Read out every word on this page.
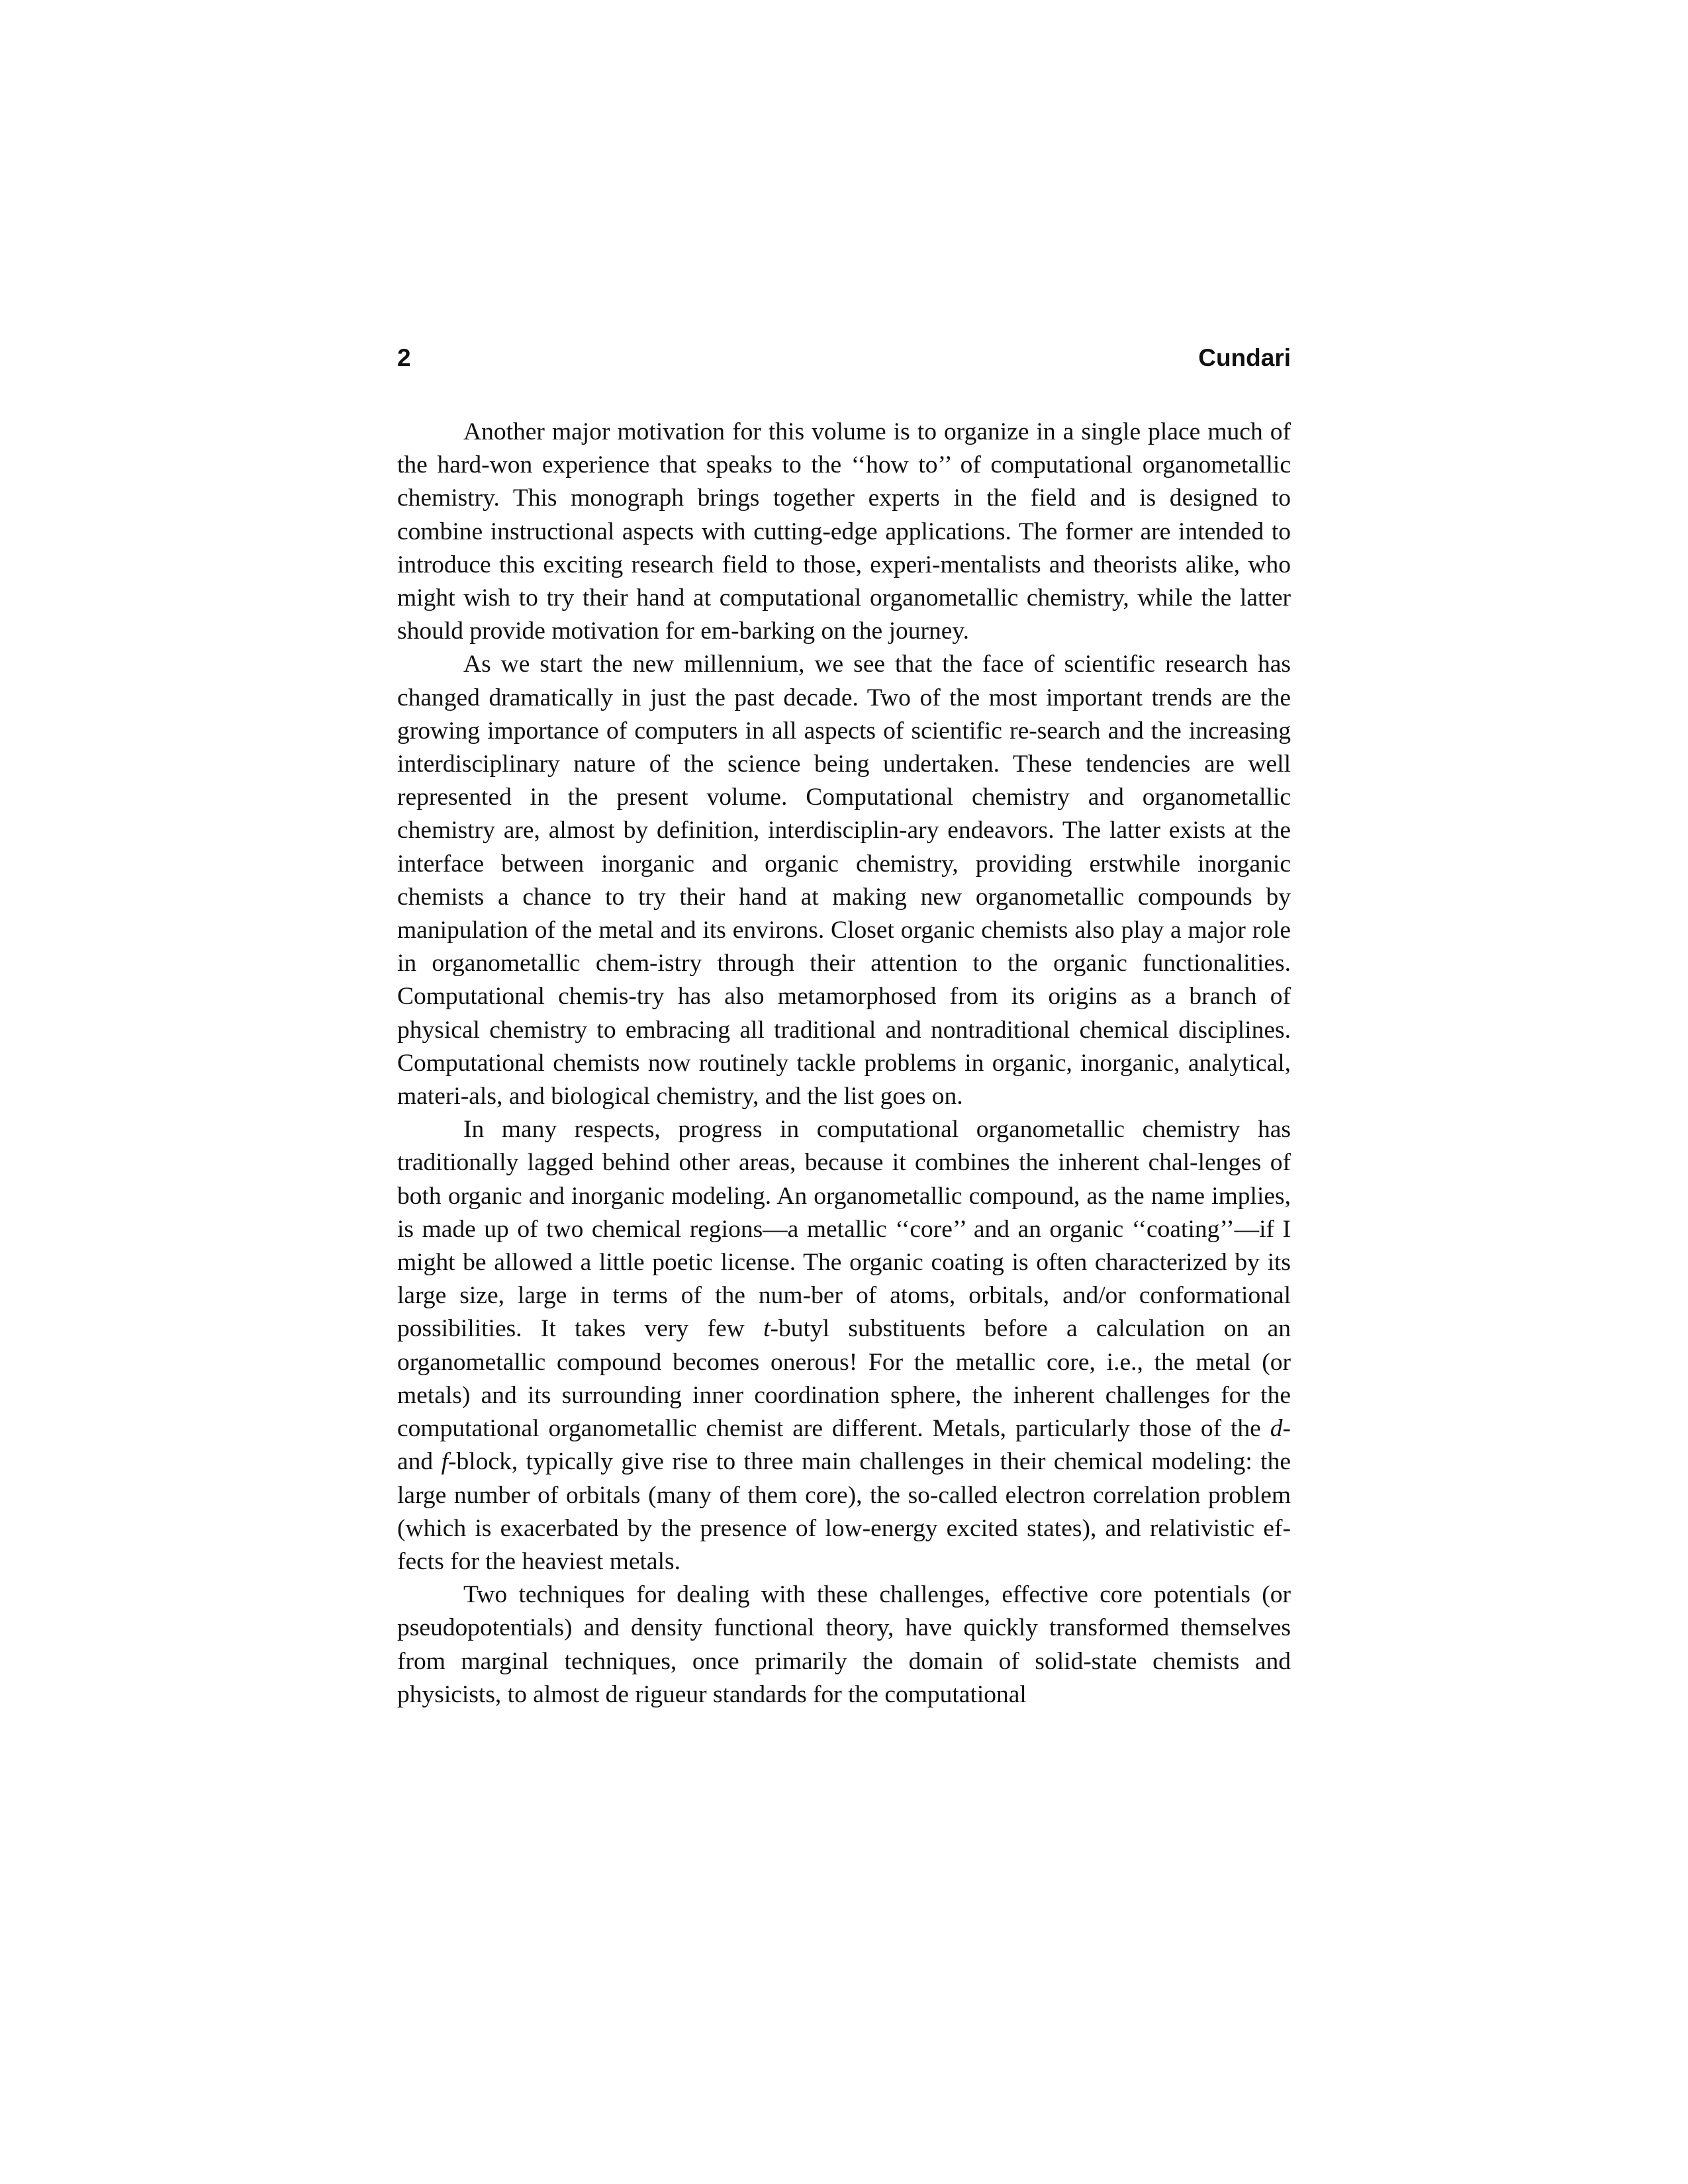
2	Cundari

Another major motivation for this volume is to organize in a single place much of the hard-won experience that speaks to the ‘‘how to’’ of computational organometallic chemistry. This monograph brings together experts in the field and is designed to combine instructional aspects with cutting-edge applications. The former are intended to introduce this exciting research field to those, experi-mentalists and theorists alike, who might wish to try their hand at computational organometallic chemistry, while the latter should provide motivation for em-barking on the journey.

As we start the new millennium, we see that the face of scientific research has changed dramatically in just the past decade. Two of the most important trends are the growing importance of computers in all aspects of scientific re-search and the increasing interdisciplinary nature of the science being undertaken. These tendencies are well represented in the present volume. Computational chemistry and organometallic chemistry are, almost by definition, interdisciplin-ary endeavors. The latter exists at the interface between inorganic and organic chemistry, providing erstwhile inorganic chemists a chance to try their hand at making new organometallic compounds by manipulation of the metal and its environs. Closet organic chemists also play a major role in organometallic chem-istry through their attention to the organic functionalities. Computational chemis-try has also metamorphosed from its origins as a branch of physical chemistry to embracing all traditional and nontraditional chemical disciplines. Computational chemists now routinely tackle problems in organic, inorganic, analytical, materi-als, and biological chemistry, and the list goes on.

In many respects, progress in computational organometallic chemistry has traditionally lagged behind other areas, because it combines the inherent chal-lenges of both organic and inorganic modeling. An organometallic compound, as the name implies, is made up of two chemical regions—a metallic ‘‘core’’ and an organic ‘‘coating’’—if I might be allowed a little poetic license. The organic coating is often characterized by its large size, large in terms of the num-ber of atoms, orbitals, and/or conformational possibilities. It takes very few t-butyl substituents before a calculation on an organometallic compound becomes onerous! For the metallic core, i.e., the metal (or metals) and its surrounding inner coordination sphere, the inherent challenges for the computational organometallic chemist are different. Metals, particularly those of the d- and f-block, typically give rise to three main challenges in their chemical modeling: the large number of orbitals (many of them core), the so-called electron correlation problem (which is exacerbated by the presence of low-energy excited states), and relativistic ef-fects for the heaviest metals.

Two techniques for dealing with these challenges, effective core potentials (or pseudopotentials) and density functional theory, have quickly transformed themselves from marginal techniques, once primarily the domain of solid-state chemists and physicists, to almost de rigueur standards for the computational
